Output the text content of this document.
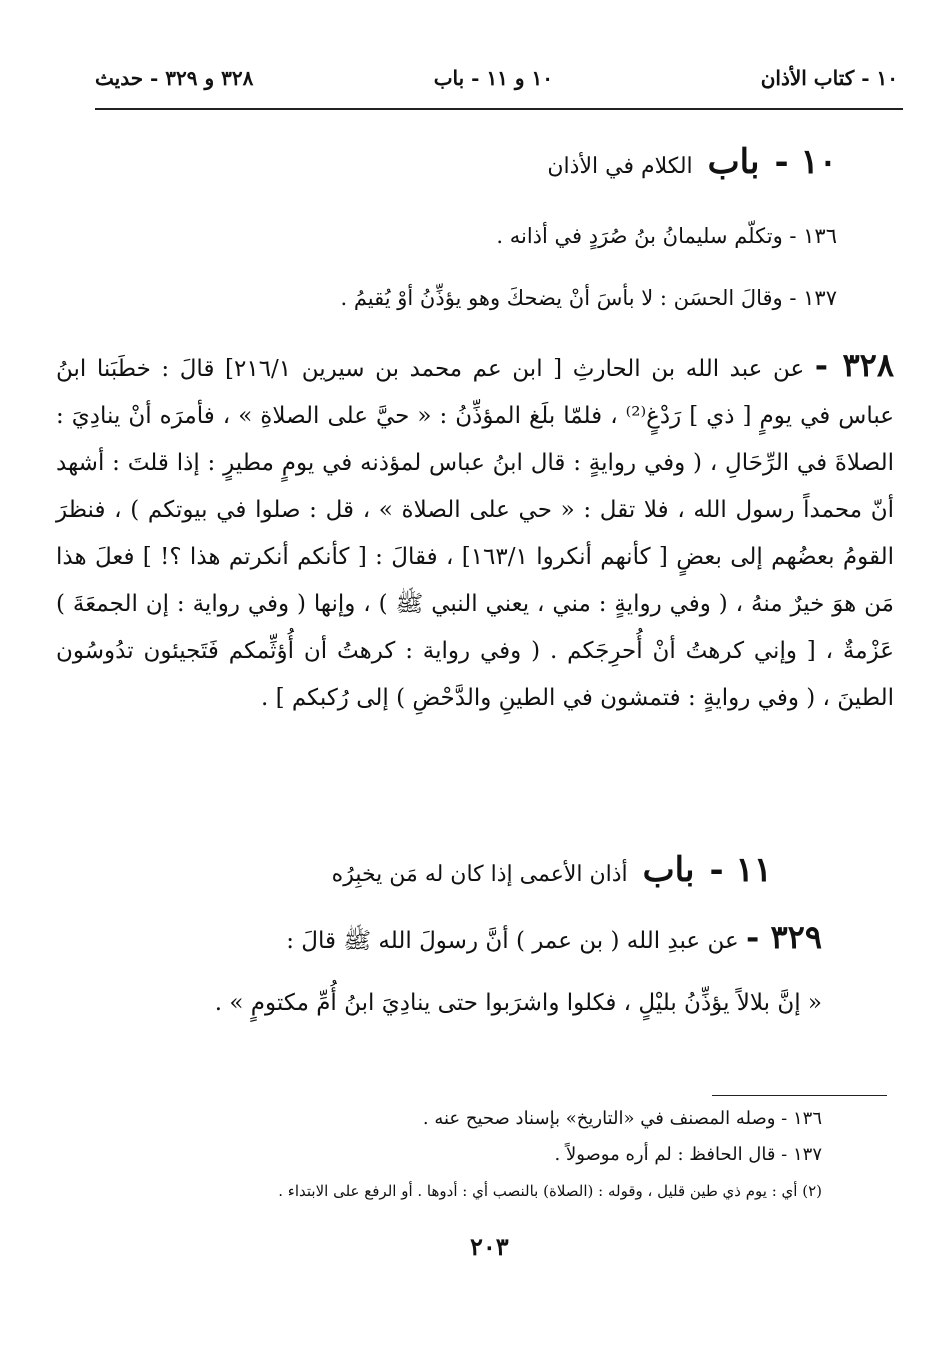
١٠ - كتاب الأذان
١٠ و ١١ - باب
٣٢٨ و ٣٢٩ - حديث
١٠ - باب الكلام في الأذان
١٣٦ - وتكلّم سليمانُ بنُ صُرَدٍ في أذانه .
١٣٧ - وقالَ الحسَن : لا بأسَ أنْ يضحكَ وهو يؤذِّنُ أوْ يُقيمُ .
٣٢٨ - عن عبد الله بن الحارثِ [ ابن عم محمد بن سيرين ٢١٦/١] قالَ : خطَبَنا ابنُ عباس في يومٍ [ ذي ] رَدْغٍ⁽²⁾ ، فلمّا بلَغ المؤذِّنُ : « حيَّ على الصلاةِ » ، فأمرَه أنْ ينادِيَ : الصلاةَ في الرِّحَالِ ، ( وفي روايةٍ : قال ابنُ عباس لمؤذنه في يومٍ مطيرٍ : إذا قلتَ : أشهد أنّ محمداً رسول الله ، فلا تقل : « حي على الصلاة » ، قل : صلوا في بيوتكم ) ، فنظرَ القومُ بعضُهم إلى بعضٍ [ كأنهم أنكروا ١٦٣/١] ، فقالَ : [ كأنكم أنكرتم هذا ؟! ] فعلَ هذا مَن هوَ خيرٌ منهُ ، ( وفي روايةٍ : مني ، يعني النبي ﷺ ) ، وإنها ( وفي رواية : إن الجمعَةَ ) عَزْمةٌ ، [ وإني كرهتُ أنْ أُحرِجَكم . ( وفي رواية : كرهتُ أن أُؤثِّمكم فَتَجيئون تدُوسُون الطينَ ، ( وفي روايةٍ : فتمشون في الطينِ والدَّحْضِ ) إلى رُكبكم ] .
١١ - باب أذان الأعمى إذا كان له مَن يخبِرُه
٣٢٩ - عن عبدِ الله ( بن عمر ) أنَّ رسولَ الله ﷺ قالَ :
« إنَّ بلالاً يؤذِّنُ بليْلٍ ، فكلوا واشرَبوا حتى ينادِيَ ابنُ أُمِّ مكتومٍ » .
١٣٦ - وصله المصنف في «التاريخ» بإسناد صحيح عنه .
١٣٧ - قال الحافظ : لم أره موصولاً .
(٢) أي : يوم ذي طين قليل ، وقوله : (الصلاة) بالنصب أي : أدوها . أو الرفع على الابتداء .
٢٠٣
